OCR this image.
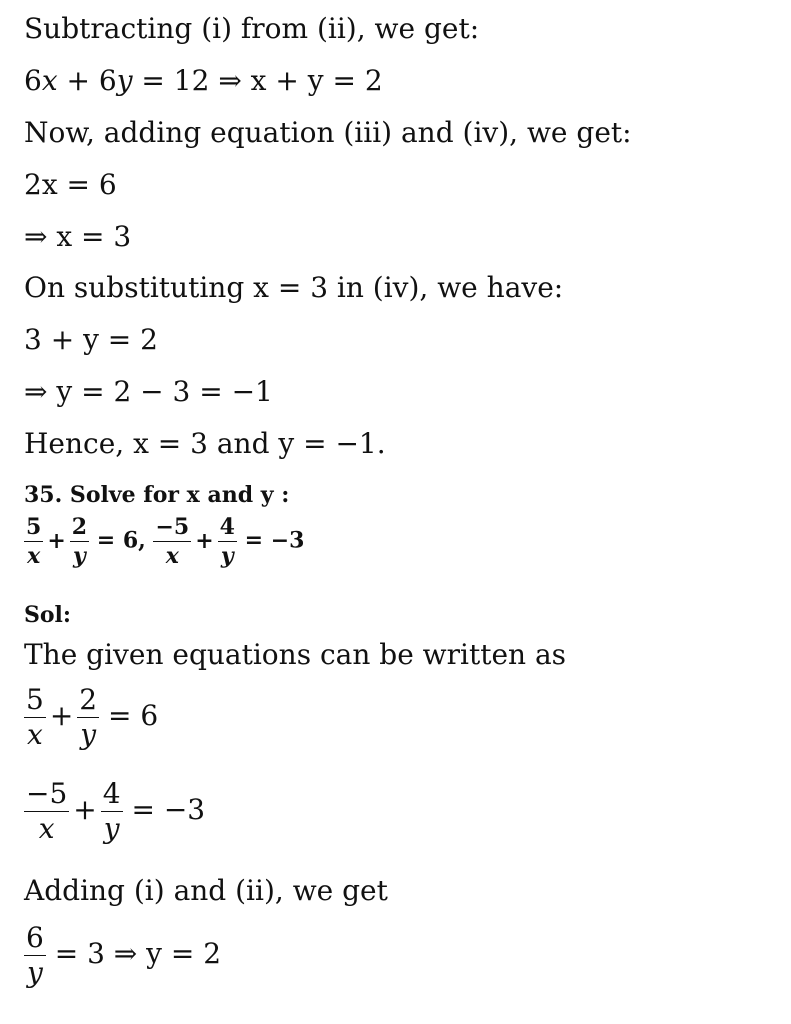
Subtracting (i) from (ii), we get:
6x + 6y = 12 ⇒ x + y = 2
Now, adding equation (iii) and (iv), we get:
2x = 6
⇒ x = 3
On substituting x = 3 in (iv), we have:
3 + y = 2
⇒ y = 2 − 3 = −1
Hence, x = 3 and y = −1.
35. Solve for x and y :
$\frac{5}{x} + \frac{2}{y} = 6$, $\frac{-5}{x} + \frac{4}{y} = -3$
Sol:
The given equations can be written as
$\frac{5}{x} + \frac{2}{y} = 6$
$\frac{-5}{x} + \frac{4}{y} = -3$
Adding (i) and (ii), we get
$\frac{6}{y} = 3$ ⇒ y = 2
